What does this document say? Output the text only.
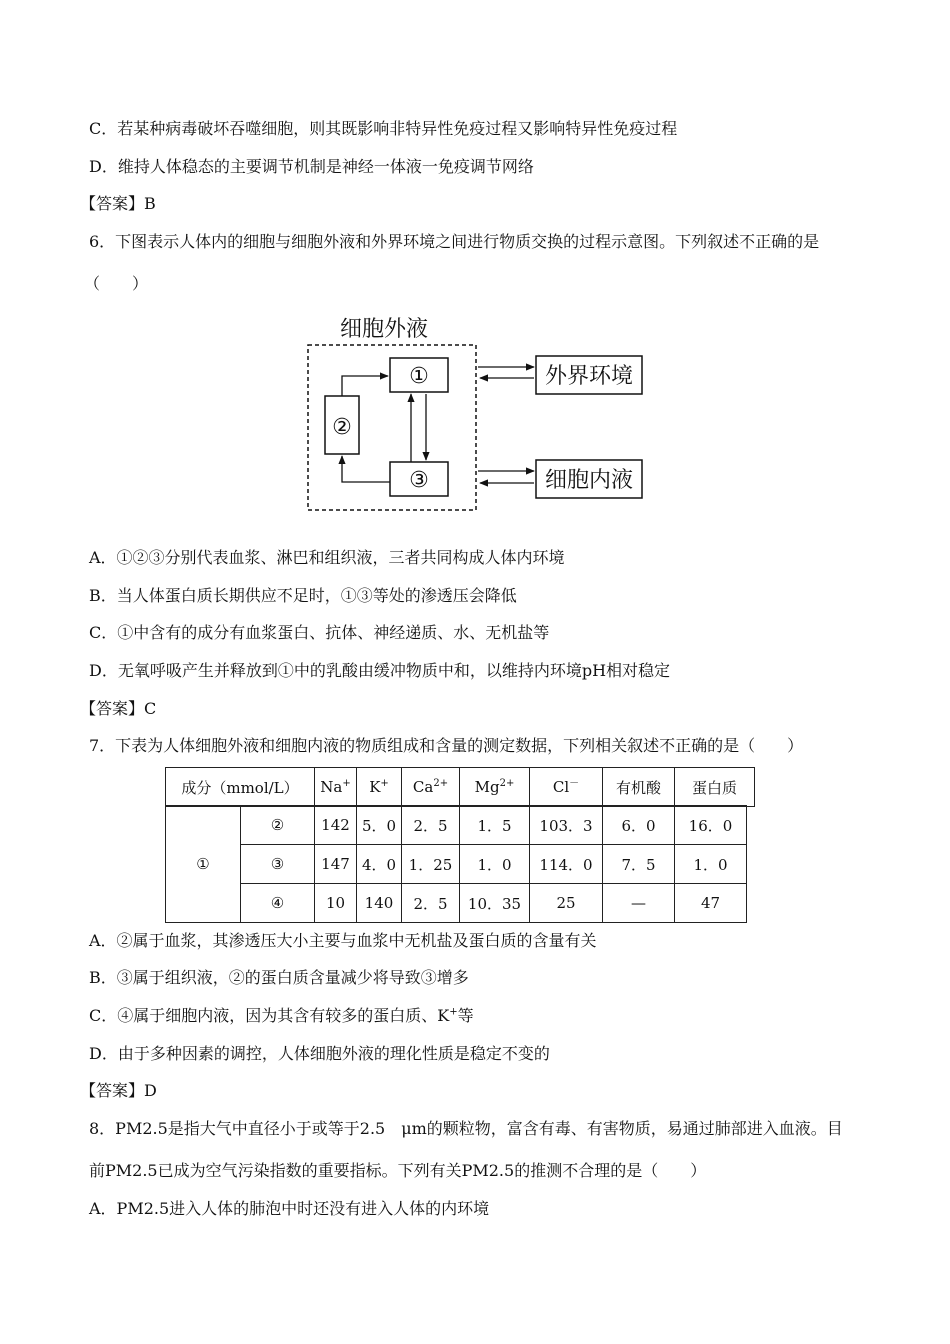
C．若某种病毒破坏吞噬细胞，则其既影响非特异性免疫过程又影响特异性免疫过程
D．维持人体稳态的主要调节机制是神经一体液一免疫调节网络
【答案】B
6．下图表示人体内的细胞与细胞外液和外界环境之间进行物质交换的过程示意图。下列叙述不正确的是
（　　）
细胞外液
①
②
③
外界环境
细胞内液
A．①②③分别代表血浆、淋巴和组织液，三者共同构成人体内环境
B．当人体蛋白质长期供应不足时，①③等处的渗透压会降低
C．①中含有的成分有血浆蛋白、抗体、神经递质、水、无机盐等
D．无氧呼吸产生并释放到①中的乳酸由缓冲物质中和，以维持内环境pH相对稳定
【答案】C
7．下表为人体细胞外液和细胞内液的物质组成和含量的测定数据，下列相关叙述不正确的是（　　）
成分（mmol/L）	Na+	K+	$Ca^{2+}$	$Mg^{2+}$	Cl－	有机酸	蛋白质
①	②	142	5．0	2．5	1．5	103．3	6．0	16．0
	③	147	4．0	1．25	1．0	114．0	7．5	1．0
	④	10	140	2．5	10．35	25	—	47
A．②属于血浆，其渗透压大小主要与血浆中无机盐及蛋白质的含量有关
B．③属于组织液，②的蛋白质含量减少将导致③增多
C．④属于细胞内液，因为其含有较多的蛋白质、K+等
D．由于多种因素的调控，人体细胞外液的理化性质是稳定不变的
【答案】D
8．PM2.5是指大气中直径小于或等于2.5　μm的颗粒物，富含有毒、有害物质，易通过肺部进入血液。目
前PM2.5已成为空气污染指数的重要指标。下列有关PM2.5的推测不合理的是（　　）
A．PM2.5进入人体的肺泡中时还没有进入人体的内环境
